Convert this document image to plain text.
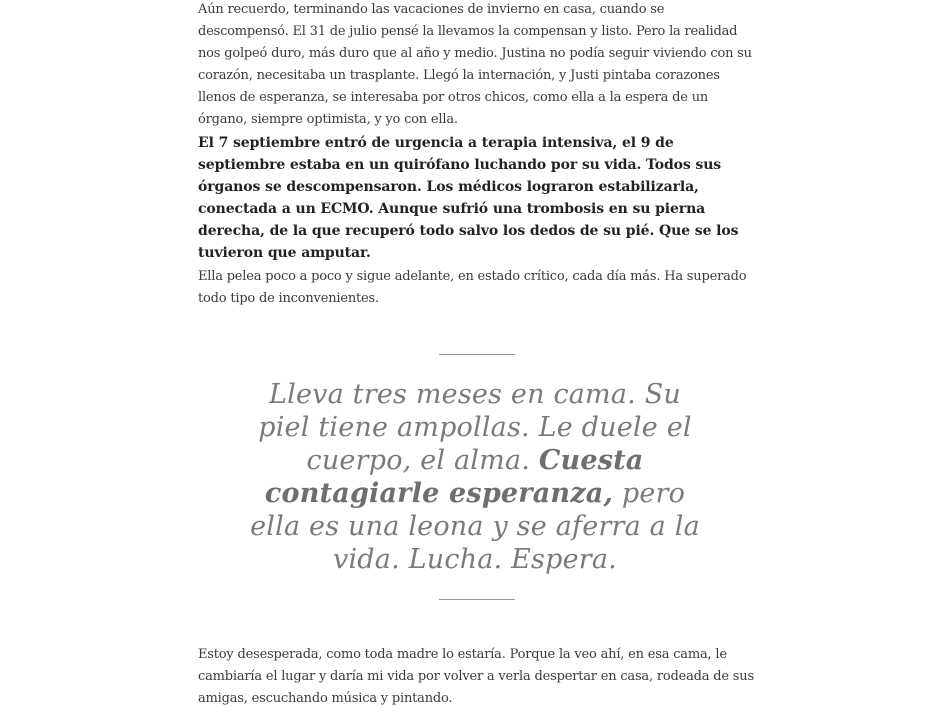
Aún recuerdo, terminando las vacaciones de invierno en casa, cuando se descompensó. El 31 de julio pensé la llevamos la compensan y listo. Pero la realidad nos golpeó duro, más duro que al año y medio. Justina no podía seguir viviendo con su corazón, necesitaba un trasplante. Llegó la internación, y Justi pintaba corazones llenos de esperanza, se interesaba por otros chicos, como ella a la espera de un órgano, siempre optimista, y yo con ella.

El 7 septiembre entró de urgencia a terapia intensiva, el 9 de septiembre estaba en un quirófano luchando por su vida. Todos sus órganos se descompensaron. Los médicos lograron estabilizarla, conectada a un ECMO. Aunque sufrió una trombosis en su pierna derecha, de la que recuperó todo salvo los dedos de su pié. Que se los tuvieron que amputar.

Ella pelea poco a poco y sigue adelante, en estado crítico, cada día más. Ha superado todo tipo de inconvenientes.

Estoy desesperada, como toda madre lo estaría. Porque la veo ahí, en esa cama, le cambiaría el lugar y daría mi vida por volver a verla despertar en casa, rodeada de sus amigas, escuchando música y pintando.

Lleva tres meses en cama. Su piel tiene ampollas. Le duele el cuerpo, el alma. Cuesta contagiarle esperanza, pero ella es una leona y se aferra a la vida. Lucha. Espera.
